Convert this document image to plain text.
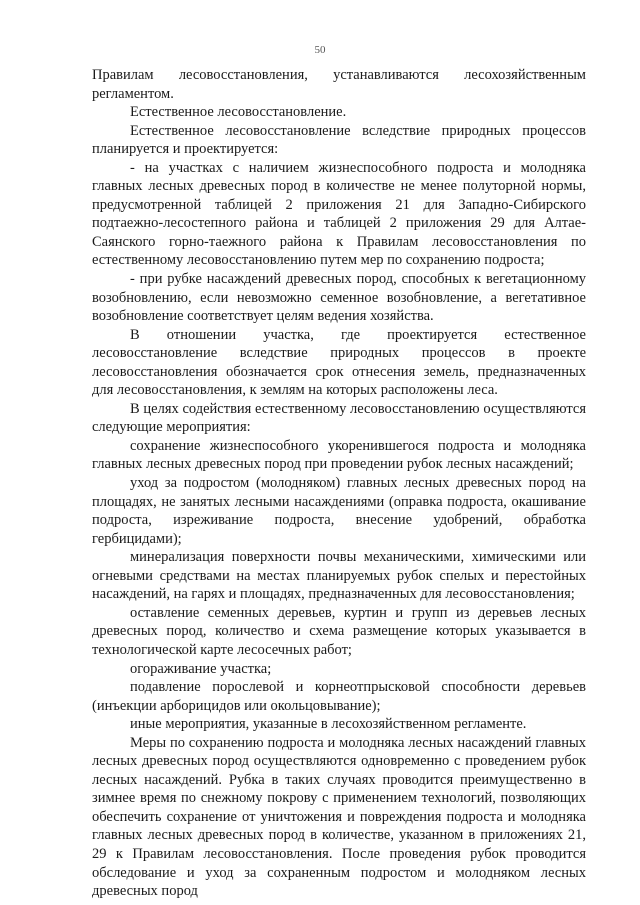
50

Правилам лесовосстановления, устанавливаются лесохозяйственным регламентом.

Естественное лесовосстановление.

Естественное лесовосстановление вследствие природных процессов планируется и проектируется:

- на участках с наличием жизнеспособного подроста и молодняка главных лесных древесных пород в количестве не менее полуторной нормы, предусмотренной таблицей 2 приложения 21 для Западно-Сибирского подтаежно-лесостепного района и таблицей 2 приложения 29 для Алтае-Саянского горно-таежного района к Правилам лесовосстановления по естественному лесовосстановлению путем мер по сохранению подроста;

- при рубке насаждений древесных пород, способных к вегетационному возобновлению, если невозможно семенное возобновление, а вегетативное возобновление соответствует целям ведения хозяйства.

В отношении участка, где проектируется естественное лесовосстановление вследствие природных процессов в проекте лесовосстановления обозначается срок отнесения земель, предназначенных для лесовосстановления, к землям на которых расположены леса.

В целях содействия естественному лесовосстановлению осуществляются следующие мероприятия:

сохранение жизнеспособного укоренившегося подроста и молодняка главных лесных древесных пород при проведении рубок лесных насаждений;

уход за подростом (молодняком) главных лесных древесных пород на площадях, не занятых лесными насаждениями (оправка подроста, окашивание подроста, изреживание подроста, внесение удобрений, обработка гербицидами);

минерализация поверхности почвы механическими, химическими или огневыми средствами на местах планируемых рубок спелых и перестойных насаждений, на гарях и площадях, предназначенных для лесовосстановления;

оставление семенных деревьев, куртин и групп из деревьев лесных древесных пород, количество и схема размещение которых указывается в технологической карте лесосечных работ;

огораживание участка;

подавление порослевой и корнеотпрысковой способности деревьев (инъекции арборицидов или окольцовывание);

иные мероприятия, указанные в лесохозяйственном регламенте.

Меры по сохранению подроста и молодняка лесных насаждений главных лесных древесных пород осуществляются одновременно с проведением рубок лесных насаждений. Рубка в таких случаях проводится преимущественно в зимнее время по снежному покрову с применением технологий, позволяющих обеспечить сохранение от уничтожения и повреждения подроста и молодняка главных лесных древесных пород в количестве, указанном в приложениях 21, 29 к Правилам лесовосстановления. После проведения рубок проводится обследование и уход за сохраненным подростом и молодняком лесных древесных пород
